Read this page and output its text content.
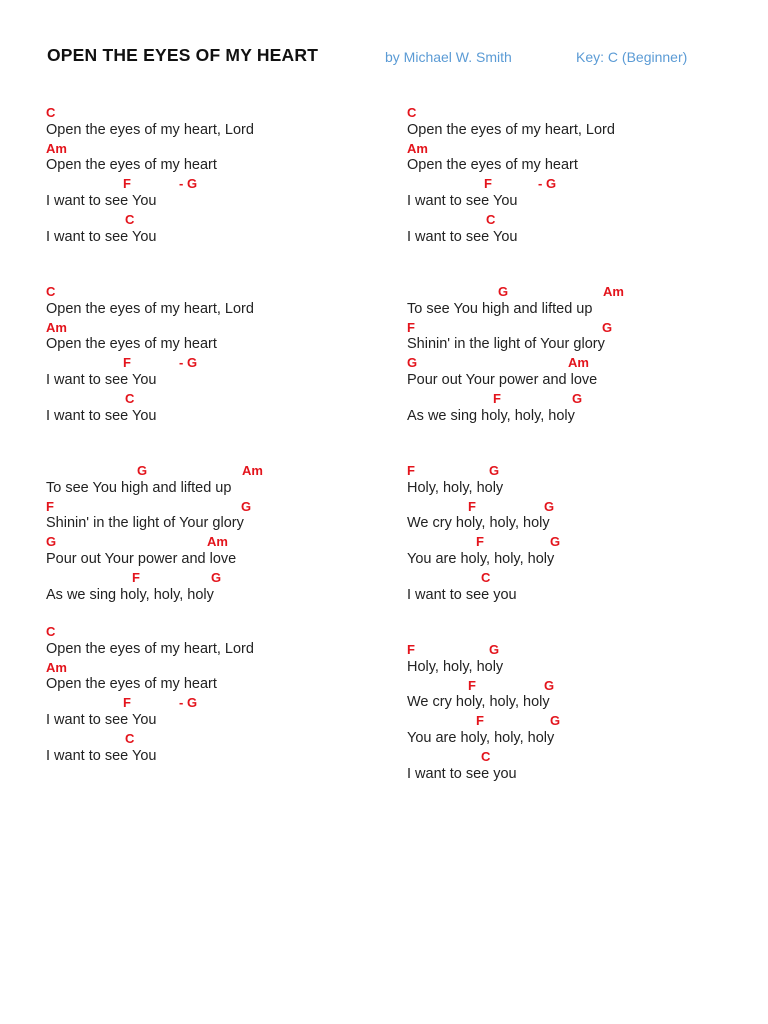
OPEN THE EYES OF MY HEART	by Michael W. Smith	Key: C (Beginner)
C
Open the eyes of my heart, Lord
Am
Open the eyes of my heart
F	- G
I want to see You
C
I want to see You
C
Open the eyes of my heart, Lord
Am
Open the eyes of my heart
F	- G
I want to see You
C
I want to see You
G	Am
To see You high and lifted up
F	G
Shinin' in the light of Your glory
G	Am
Pour out Your power and love
F	G
As we sing holy, holy, holy
C
Open the eyes of my heart, Lord
Am
Open the eyes of my heart
F	- G
I want to see You
C
I want to see You
C
Open the eyes of my heart, Lord
Am
Open the eyes of my heart
F	- G
I want to see You
C
I want to see You
G	Am
To see You high and lifted up
F	G
Shinin' in the light of Your glory
G	Am
Pour out Your power and love
F	G
As we sing holy, holy, holy
F	G
Holy, holy, holy
F	G
We cry holy, holy, holy
F	G
You are holy, holy, holy
C
I want to see you
F	G
Holy, holy, holy
F	G
We cry holy, holy, holy
F	G
You are holy, holy, holy
C
I want to see you
